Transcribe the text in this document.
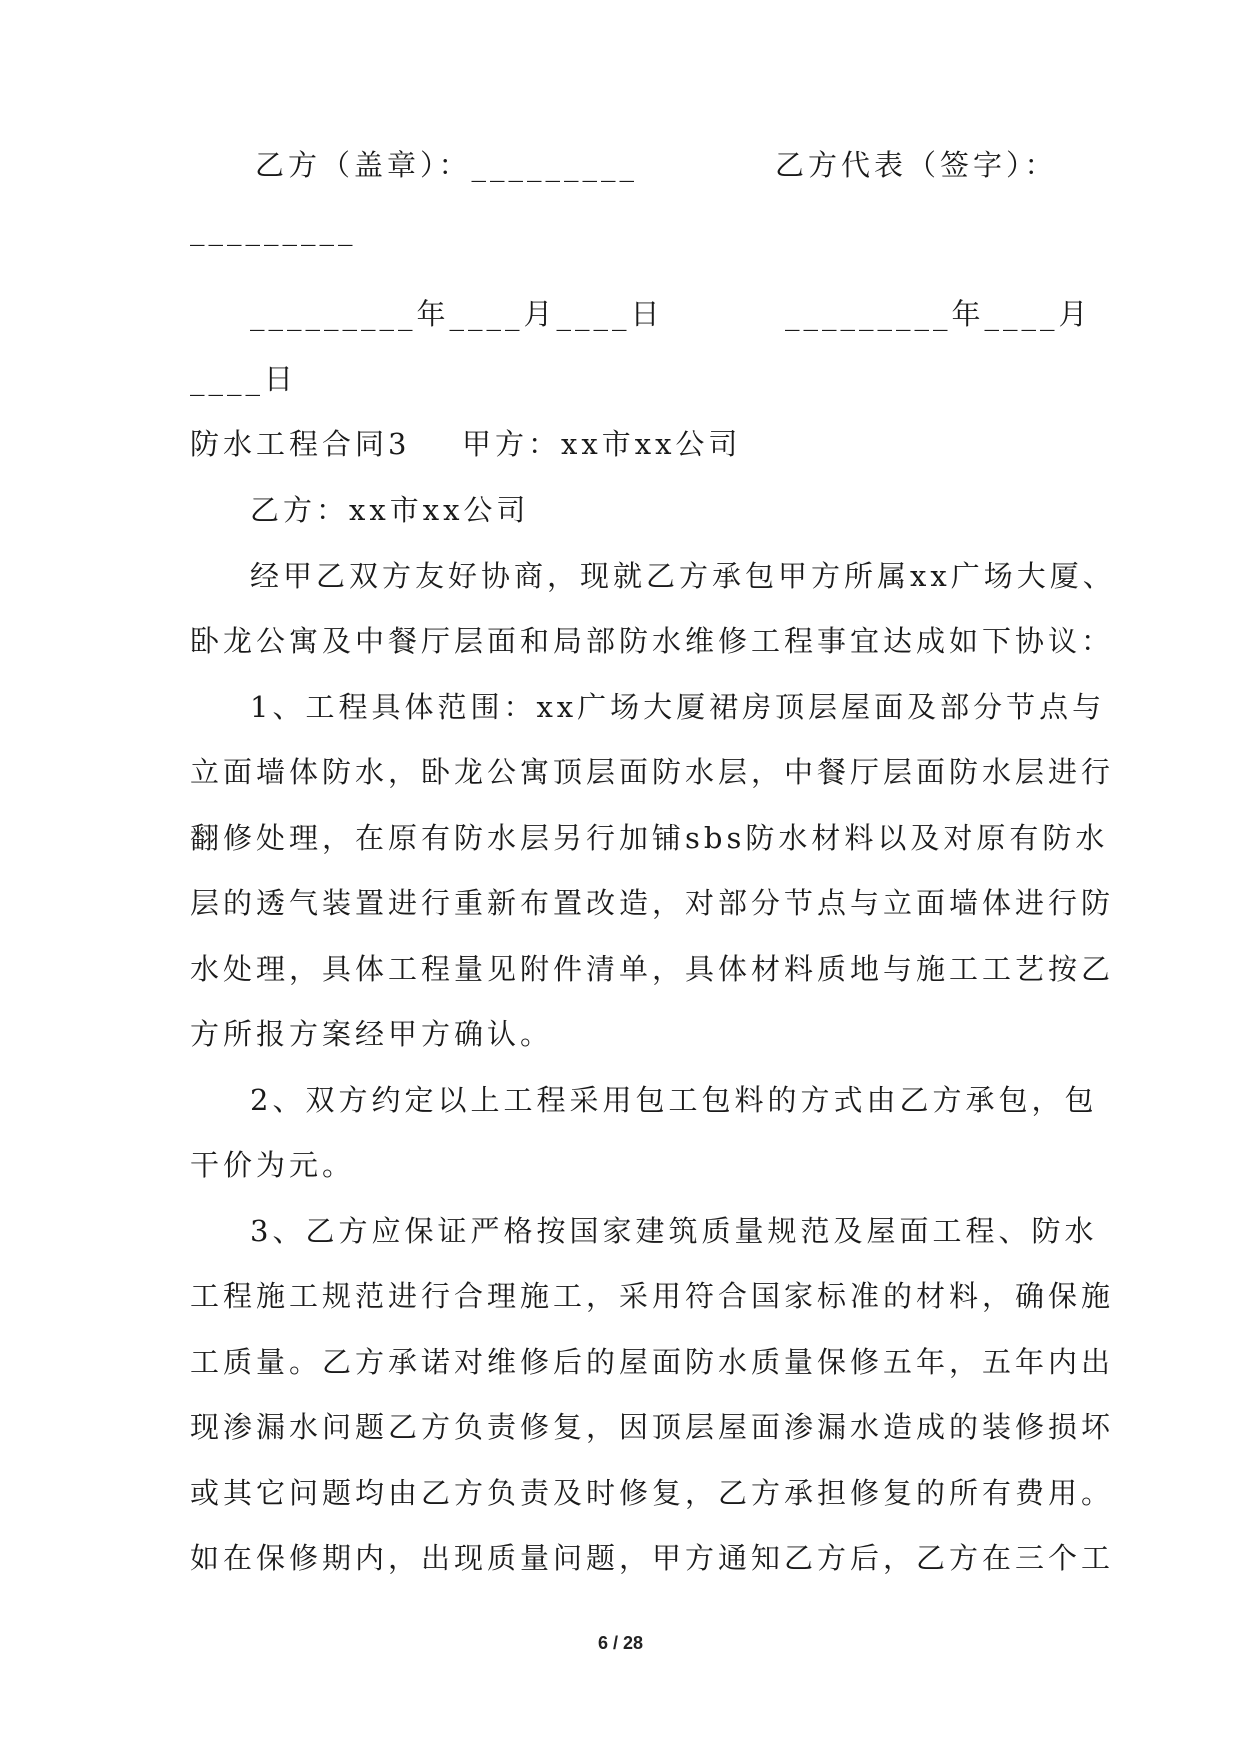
乙方（盖章）：_________	乙方代表（签字）：
_________
_________年____月____日	_________年____月
____日
防水工程合同3 甲方：xx市xx公司
乙方：xx市xx公司
经甲乙双方友好协商，现就乙方承包甲方所属xx广场大厦、
卧龙公寓及中餐厅层面和局部防水维修工程事宜达成如下协议：
1、工程具体范围：xx广场大厦裙房顶层屋面及部分节点与
立面墙体防水，卧龙公寓顶层面防水层，中餐厅层面防水层进行
翻修处理，在原有防水层另行加铺sbs防水材料以及对原有防水
层的透气装置进行重新布置改造，对部分节点与立面墙体进行防
水处理，具体工程量见附件清单，具体材料质地与施工工艺按乙
方所报方案经甲方确认。
2、双方约定以上工程采用包工包料的方式由乙方承包，包
干价为元。
3、乙方应保证严格按国家建筑质量规范及屋面工程、防水
工程施工规范进行合理施工，采用符合国家标准的材料，确保施
工质量。乙方承诺对维修后的屋面防水质量保修五年，五年内出
现渗漏水问题乙方负责修复，因顶层屋面渗漏水造成的装修损坏
或其它问题均由乙方负责及时修复，乙方承担修复的所有费用。
如在保修期内，出现质量问题，甲方通知乙方后，乙方在三个工
6 / 28
